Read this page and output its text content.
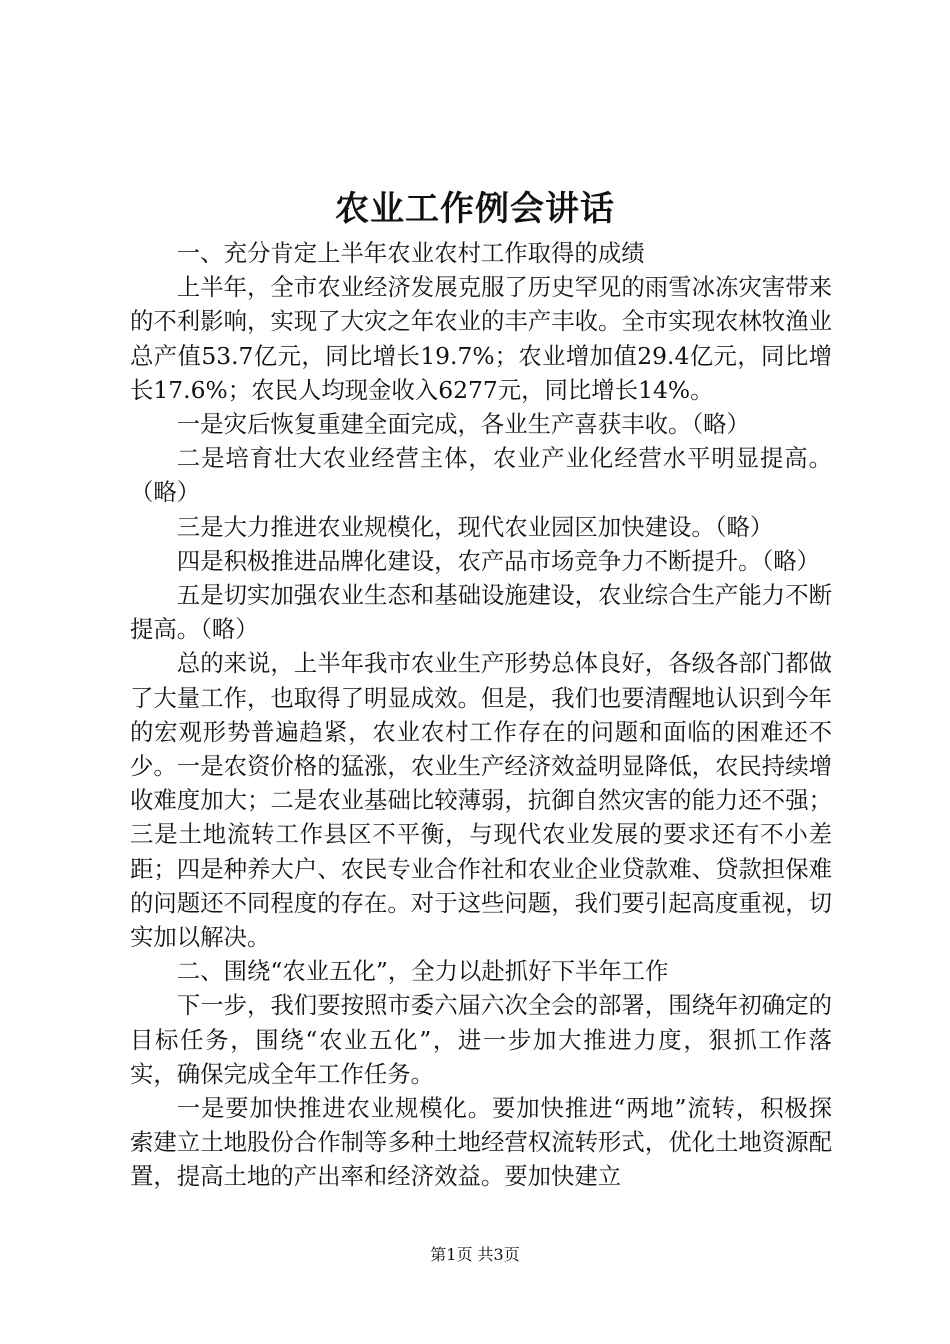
农业工作例会讲话

一、充分肯定上半年农业农村工作取得的成绩

上半年，全市农业经济发展克服了历史罕见的雨雪冰冻灾害带来的不利影响，实现了大灾之年农业的丰产丰收。全市实现农林牧渔业总产值53.7亿元，同比增长19.7%；农业增加值29.4亿元，同比增长17.6%；农民人均现金收入6277元，同比增长14%。

一是灾后恢复重建全面完成，各业生产喜获丰收。（略）

二是培育壮大农业经营主体，农业产业化经营水平明显提高。（略）

三是大力推进农业规模化，现代农业园区加快建设。（略）

四是积极推进品牌化建设，农产品市场竞争力不断提升。（略）

五是切实加强农业生态和基础设施建设，农业综合生产能力不断提高。（略）

总的来说，上半年我市农业生产形势总体良好，各级各部门都做了大量工作，也取得了明显成效。但是，我们也要清醒地认识到今年的宏观形势普遍趋紧，农业农村工作存在的问题和面临的困难还不少。一是农资价格的猛涨，农业生产经济效益明显降低，农民持续增收难度加大；二是农业基础比较薄弱，抗御自然灾害的能力还不强；三是土地流转工作县区不平衡，与现代农业发展的要求还有不小差距；四是种养大户、农民专业合作社和农业企业贷款难、贷款担保难的问题还不同程度的存在。对于这些问题，我们要引起高度重视，切实加以解决。

二、围绕“农业五化”，全力以赴抓好下半年工作

下一步，我们要按照市委六届六次全会的部署，围绕年初确定的目标任务，围绕“农业五化”，进一步加大推进力度，狠抓工作落实，确保完成全年工作任务。

一是要加快推进农业规模化。要加快推进“两地”流转，积极探索建立土地股份合作制等多种土地经营权流转形式，优化土地资源配置，提高土地的产出率和经济效益。要加快建立

第1页 共3页
